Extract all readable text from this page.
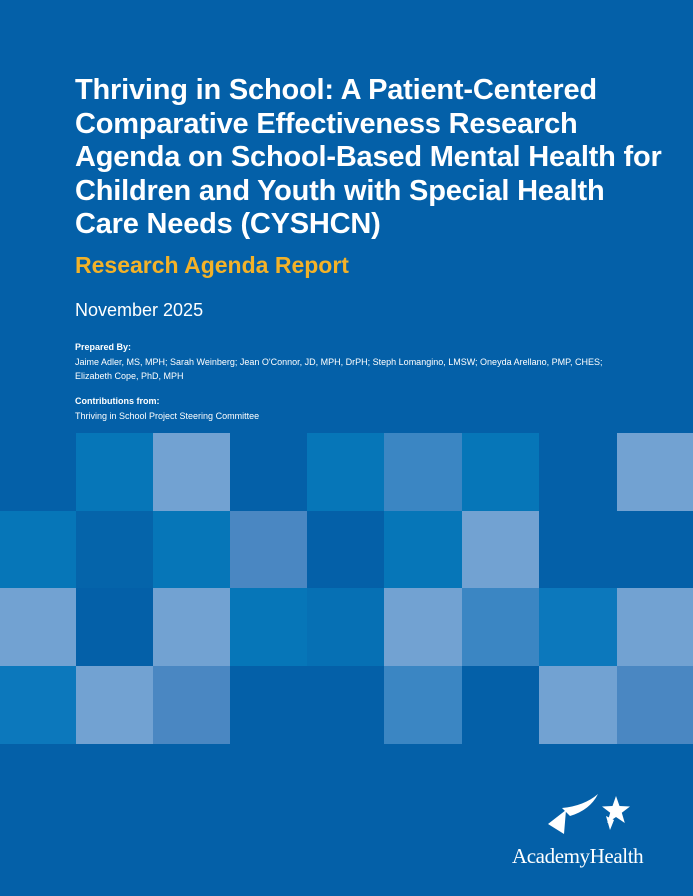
Thriving in School: A Patient-Centered Comparative Effectiveness Research Agenda on School-Based Mental Health for Children and Youth with Special Health Care Needs (CYSHCN)
Research Agenda Report
November 2025
Prepared By:
Jaime Adler, MS, MPH; Sarah Weinberg; Jean O'Connor, JD, MPH, DrPH; Steph Lomangino, LMSW; Oneyda Arellano, PMP, CHES; Elizabeth Cope, PhD, MPH
Contributions from:
Thriving in School Project Steering Committee
AcademyHealth
